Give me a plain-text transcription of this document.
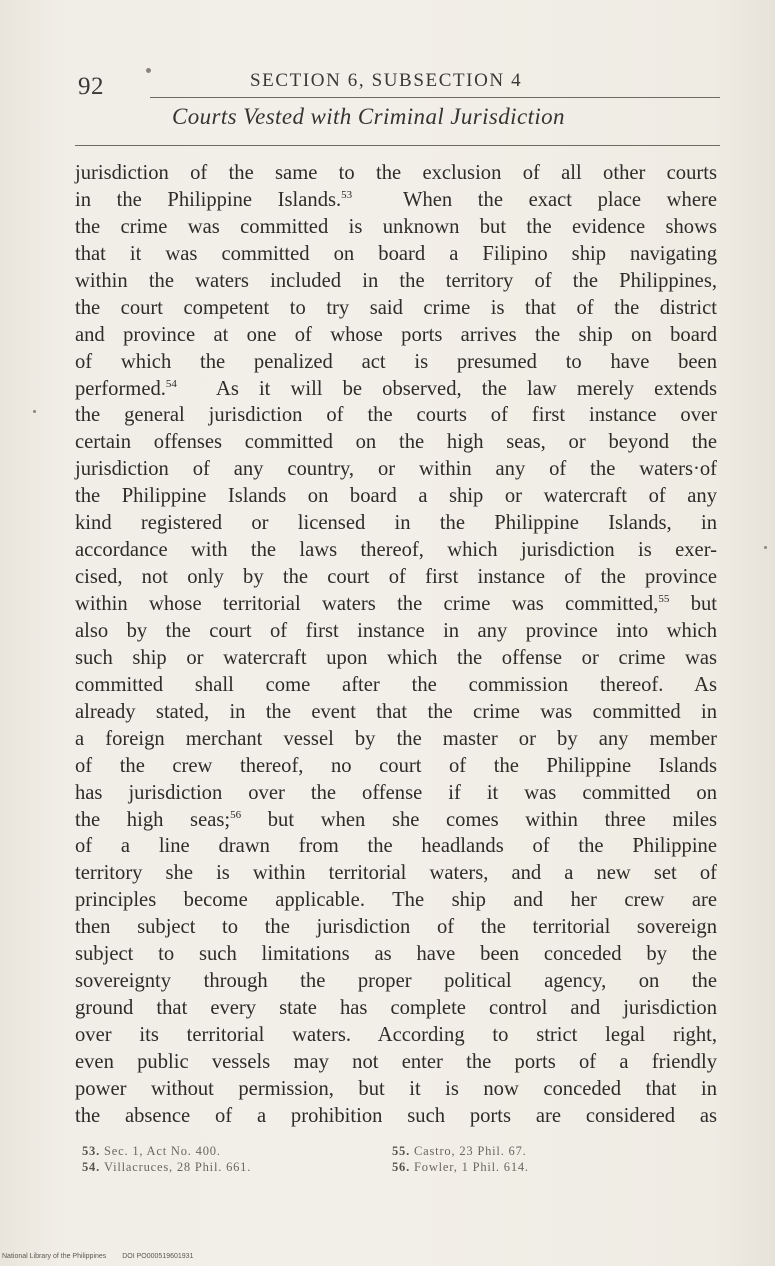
92	SECTION 6, SUBSECTION 4
Courts Vested with Criminal Jurisdiction
jurisdiction of the same to the exclusion of all other courts
in the Philippine Islands.$^{53}$  When the exact place where
the crime was committed is unknown but the evidence shows
that it was committed on board a Filipino ship navigating
within the waters included in the territory of the Philippines,
the court competent to try said crime is that of the district
and province at one of whose ports arrives the ship on board
of which the penalized act is presumed to have been
performed.$^{54}$  As it will be observed, the law merely extends
the general jurisdiction of the courts of first instance over
certain offenses committed on the high seas, or beyond the
jurisdiction of any country, or within any of the waters·of
the Philippine Islands on board a ship or watercraft of any
kind registered or licensed in the Philippine Islands, in
accordance with the laws thereof, which jurisdiction is exer-
cised, not only by the court of first instance of the province
within whose territorial waters the crime was committed,$^{55}$ but
also by the court of first instance in any province into which
such ship or watercraft upon which the offense or crime was
committed shall come after the commission thereof. As
already stated, in the event that the crime was committed in
a foreign merchant vessel by the master or by any member
of the crew thereof, no court of the Philippine Islands
has jurisdiction over the offense if it was committed on
the high seas;$^{56}$ but when she comes within three miles
of a line drawn from the headlands of the Philippine
territory she is within territorial waters, and a new set of
principles become applicable. The ship and her crew are
then subject to the jurisdiction of the territorial sovereign
subject to such limitations as have been conceded by the
sovereignty through the proper political agency, on the
ground that every state has complete control and jurisdiction
over its territorial waters. According to strict legal right,
even public vessels may not enter the ports of a friendly
power without permission, but it is now conceded that in
the absence of a prohibition such ports are considered as
53. Sec. 1, Act No. 400.
54. Villacruces, 28 Phil. 661.
55. Castro, 23 Phil. 67.
56. Fowler, 1 Phil. 614.
National Library of the Philippines DOI PO000519601931
